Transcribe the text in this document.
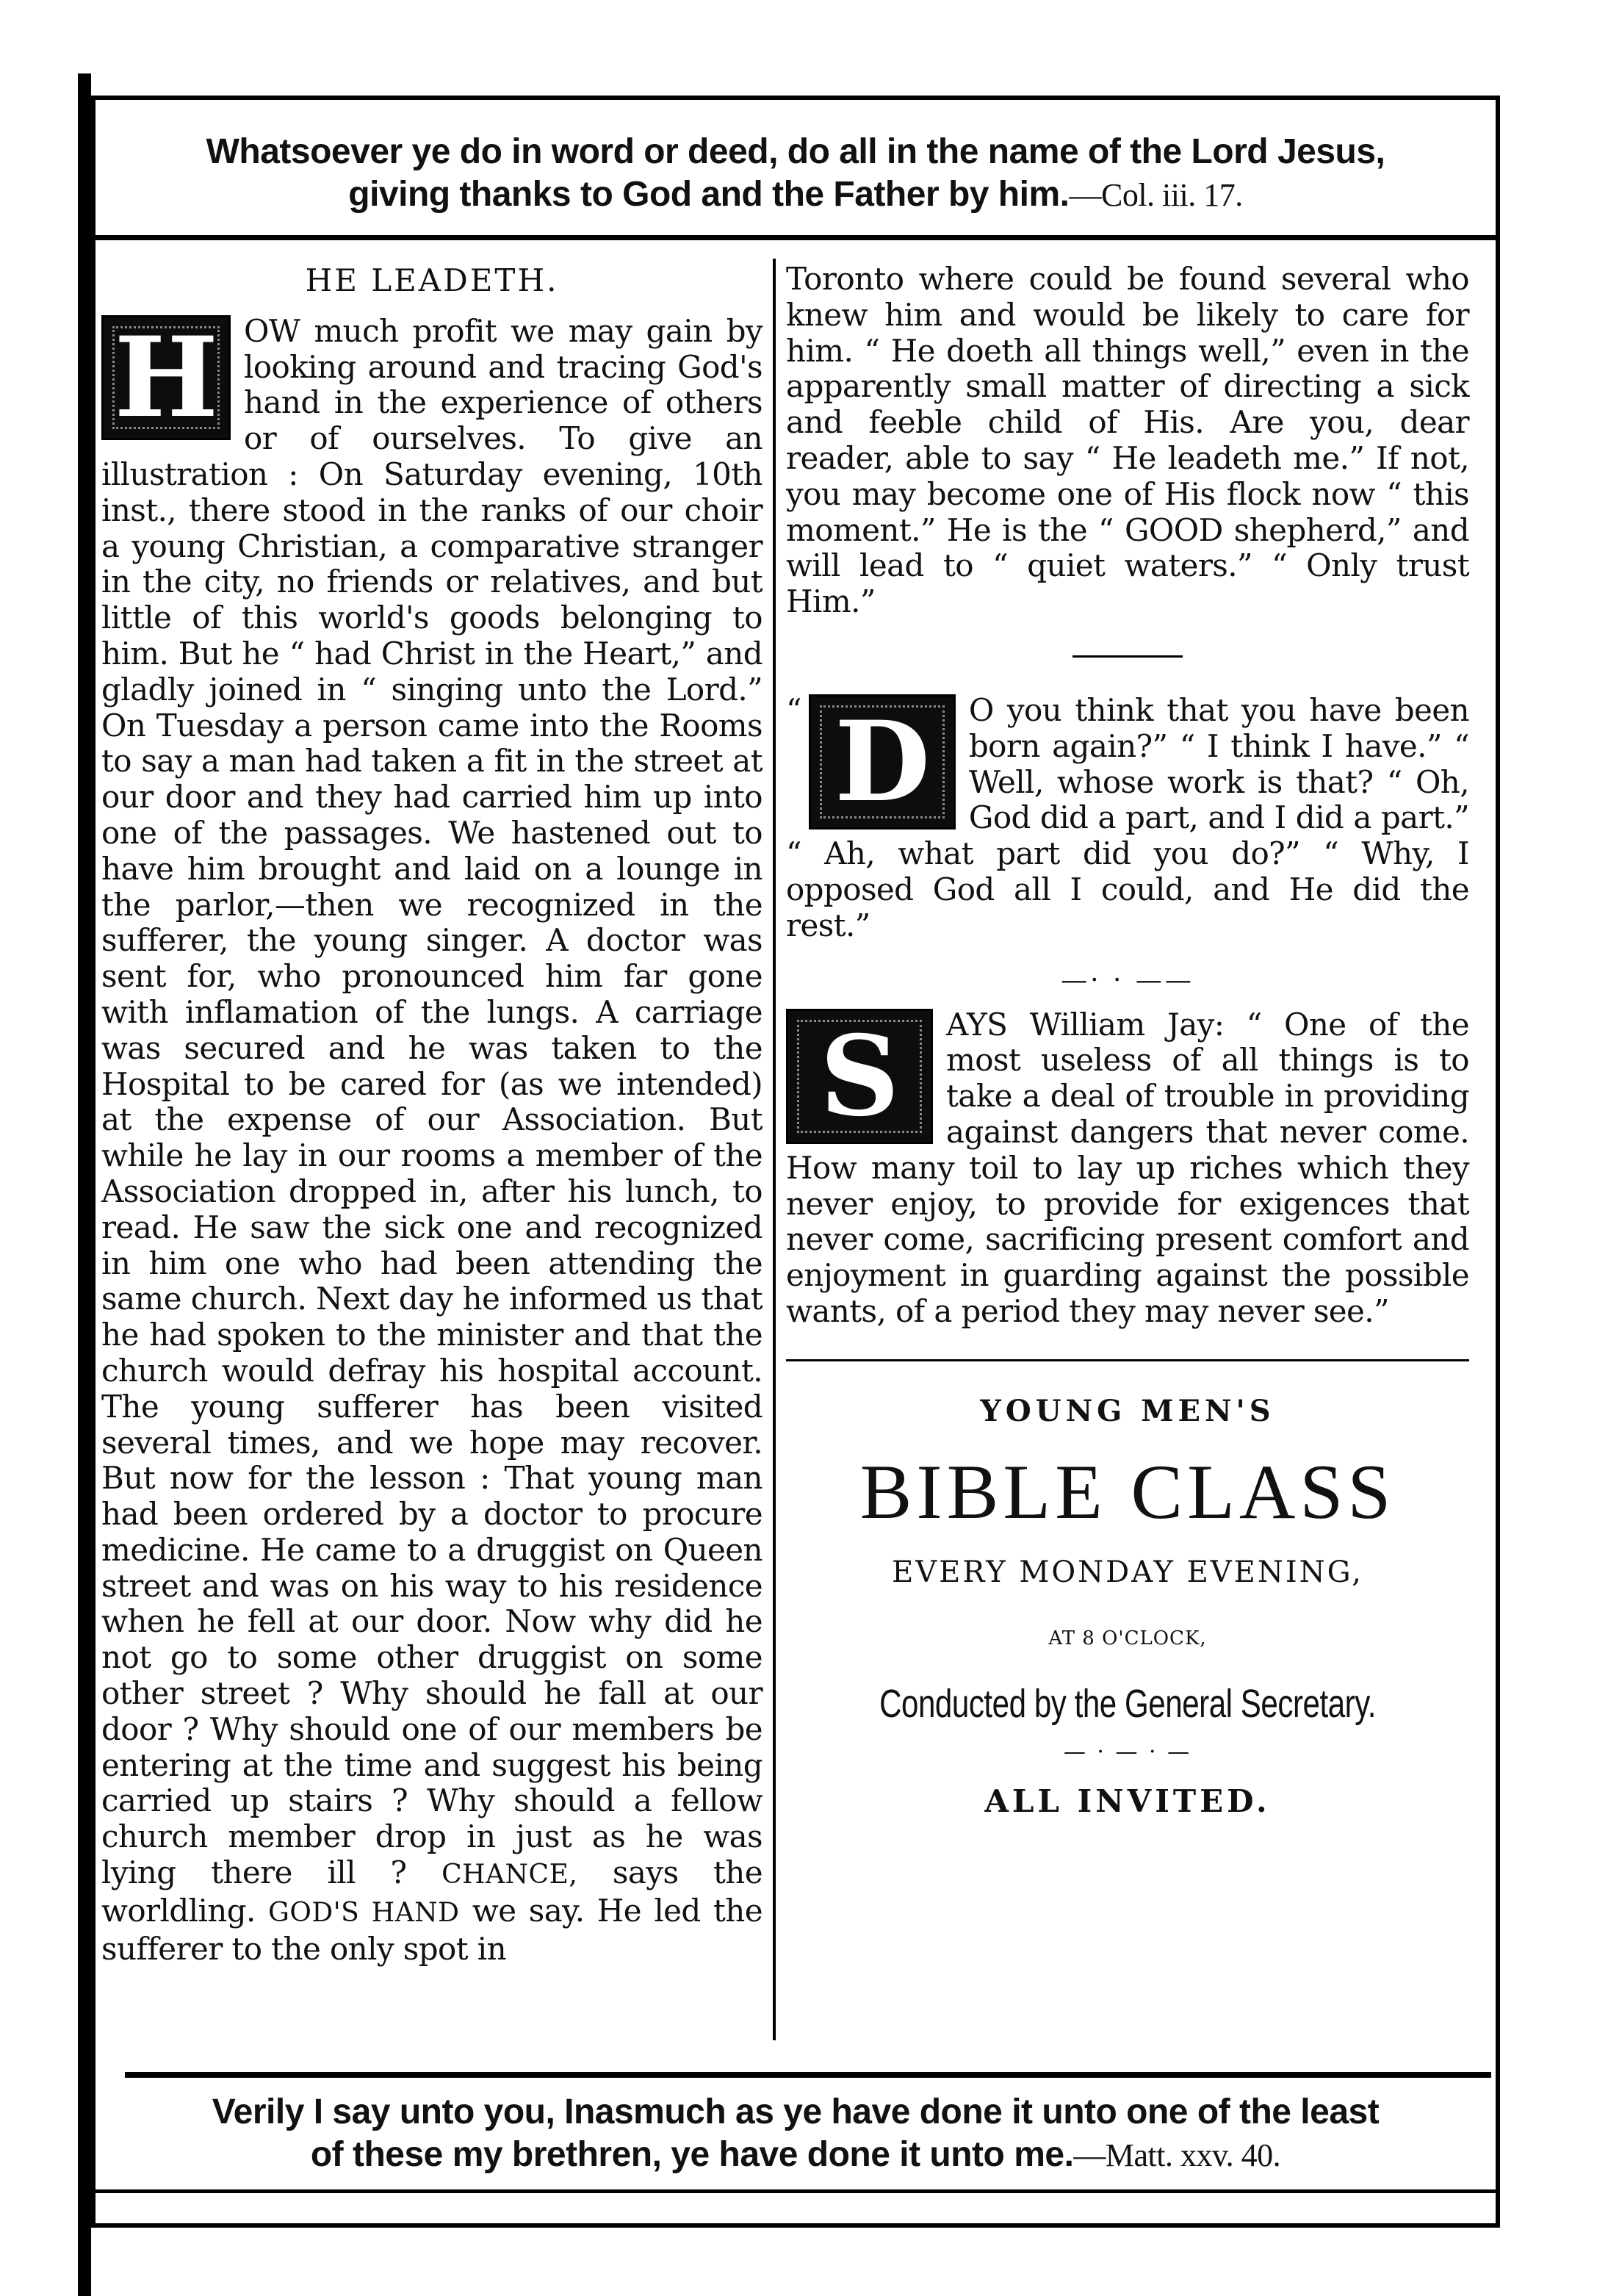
Whatsoever ye do in word or deed, do all in the name of the Lord Jesus,
giving thanks to God and the Father by him.—Col. iii. 17.
HE LEADETH.
H OW much profit we may gain by looking around and tracing God's hand in the experience of others or of ourselves. To give an illustration : On Saturday evening, 10th inst., there stood in the ranks of our choir a young Christian, a comparative stranger in the city, no friends or relatives, and but little of this world's goods belonging to him. But he “ had Christ in the Heart,” and gladly joined in “ singing unto the Lord.” On Tuesday a person came into the Rooms to say a man had taken a fit in the street at our door and they had carried him up into one of the passages. We hastened out to have him brought and laid on a lounge in the parlor,—then we recognized in the sufferer, the young singer. A doctor was sent for, who pronounced him far gone with inflamation of the lungs. A carriage was secured and he was taken to the Hospital to be cared for (as we intended) at the expense of our Association. But while he lay in our rooms a member of the Association dropped in, after his lunch, to read. He saw the sick one and recognized in him one who had been attending the same church. Next day he informed us that he had spoken to the minister and that the church would defray his hospital account. The young sufferer has been visited several times, and we hope may recover. But now for the lesson : That young man had been ordered by a doctor to procure medicine. He came to a druggist on Queen street and was on his way to his residence when he fell at our door. Now why did he not go to some other druggist on some other street ? Why should he fall at our door ? Why should one of our members be entering at the time and suggest his being carried up stairs ? Why should a fellow church member drop in just as he was lying there ill ? CHANCE, says the worldling. GOD'S HAND we say. He led the sufferer to the only spot in

Toronto where could be found several who knew him and would be likely to care for him. “ He doeth all things well,” even in the apparently small matter of directing a sick and feeble child of His. Are you, dear reader, able to say “ He leadeth me.” If not, you may become one of His flock now “ this moment.” He is the “ GOOD shepherd,” and will lead to “ quiet waters.” “ Only trust Him.”

“ D	O you think that you have been born again?” “ I think I have.” “ Well, whose work is that? “ Oh, God did a part, and I did a part.” “ Ah, what part did you do?” “ Why, I opposed God all I could, and He did the rest.”

—· · ——
S	AYS William Jay: “ One of the most useless of all things is to take a deal of trouble in providing against dangers that never come. How many toil to lay up riches which they never enjoy, to provide for exigences that never come, sacrificing present comfort and enjoyment in guarding against the possible wants, of a period they may never see.”

YOUNG MEN'S
BIBLE CLASS
EVERY MONDAY EVENING,
AT 8 O'CLOCK,
Conducted by the General Secretary.
— · — · —
ALL INVITED.
Verily I say unto you, Inasmuch as ye have done it unto one of the least
of these my brethren, ye have done it unto me.—Matt. xxv. 40.
